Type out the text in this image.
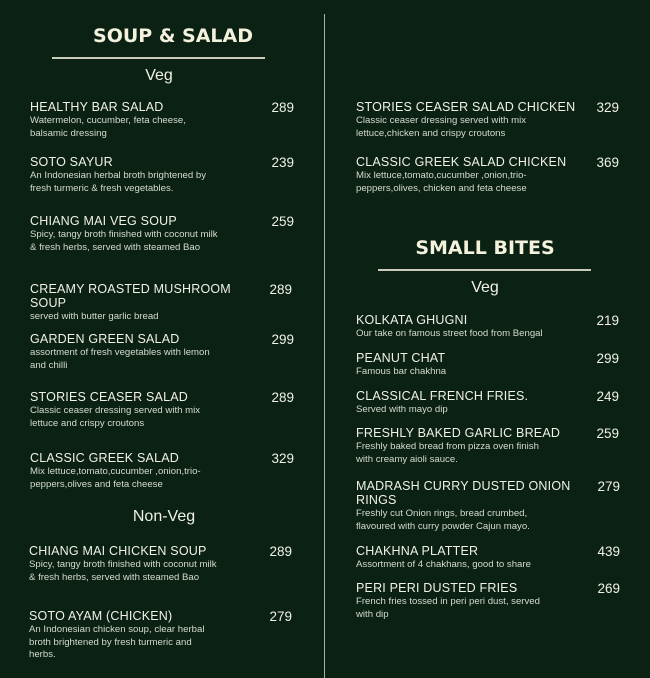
SOUP & SALAD
Veg
Non-Veg
SMALL BITES
Veg
HEALTHY BAR SALAD
Watermelon, cucumber, feta cheese, balsamic dressing
289
SOTO SAYUR
An Indonesian herbal broth brightened by fresh turmeric & fresh vegetables.
239
CHIANG MAI VEG SOUP
Spicy, tangy broth finished with coconut milk & fresh herbs, served with steamed Bao
259
CREAMY ROASTED MUSHROOM SOUP
served with butter garlic bread
289
GARDEN GREEN SALAD
assortment of fresh vegetables with lemon and chilli
299
STORIES CEASER SALAD
Classic ceaser dressing served with mix lettuce and crispy croutons
289
CLASSIC GREEK SALAD
Mix lettuce,tomato,cucumber ,onion,trio-peppers,olives and feta cheese
329
CHIANG MAI CHICKEN SOUP
Spicy, tangy broth finished with coconut milk & fresh herbs, served with steamed Bao
289
SOTO AYAM (CHICKEN)
An Indonesian chicken soup, clear herbal broth brightened by fresh turmeric and herbs.
279
STORIES CEASER SALAD CHICKEN
Classic ceaser dressing served with mix lettuce,chicken and crispy croutons
329
CLASSIC GREEK SALAD CHICKEN
Mix lettuce,tomato,cucumber ,onion,trio-peppers,olives, chicken and feta cheese
369
KOLKATA GHUGNI
Our take on famous street food from Bengal
219
PEANUT CHAT
Famous bar chakhna
299
CLASSICAL FRENCH FRIES.
Served with mayo dip
249
FRESHLY BAKED GARLIC BREAD
Freshly baked bread from pizza oven finish with creamy aioli sauce.
259
MADRASH CURRY DUSTED ONION RINGS
Freshly cut Onion rings, bread crumbed, flavoured with curry powder Cajun mayo.
279
CHAKHNA PLATTER
Assortment of 4 chakhans, good to share
439
PERI PERI DUSTED FRIES
French fries tossed in peri peri dust, served with dip
269
